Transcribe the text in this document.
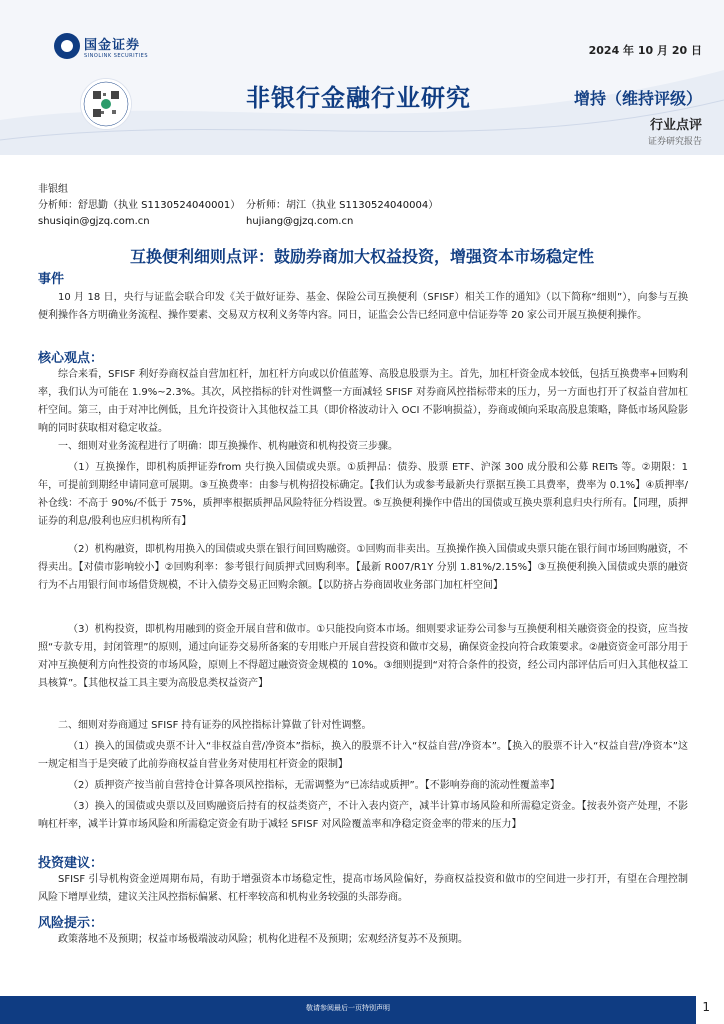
国金证券
SINOLINK SECURITIES	2024 年 10 月 20 日
非银行金融行业研究	增持（维持评级）
行业点评
证券研究报告
非银组
分析师：舒思勤（执业 S1130524040001） 分析师：胡江（执业 S1130524040004）
shusiqin@gjzq.com.cn	hujiang@gjzq.com.cn
互换便利细则点评：鼓励券商加大权益投资，增强资本市场稳定性
事件

10 月 18 日，央行与证监会联合印发《关于做好证券、基金、保险公司互换便利（SFISF）相关工作的通知》（以下简称“细则”），向参与互换便利操作各方明确业务流程、操作要素、交易双方权利义务等内容。同日，证监会公告已经同意中信证券等 20 家公司开展互换便利操作。

核心观点：

综合来看，SFISF 利好券商权益自营加杠杆，加杠杆方向或以价值蓝筹、高股息股票为主。首先，加杠杆资金成本较低，包括互换费率+回购利率，我们认为可能在 1.9%~2.3%。其次，风控指标的针对性调整一方面减轻 SFISF 对券商风控指标带来的压力，另一方面也打开了权益自营加杠杆空间。第三，由于对冲比例低，且允许投资计入其他权益工具（即价格波动计入 OCI 不影响损益），券商或倾向采取高股息策略，降低市场风险影响的同时获取相对稳定收益。

一、细则对业务流程进行了明确：即互换操作、机构融资和机构投资三步骤。

（1）互换操作，即机构质押证券from 央行换入国债或央票。①质押品：债券、股票 ETF、沪深 300 成分股和公募 REITs 等。②期限：1 年，可提前到期经申请同意可展期。③互换费率：由参与机构招投标确定。【我们认为或参考最新央行票据互换工具费率，费率为 0.1%】④质押率/补仓线：不高于 90%/不低于 75%，质押率根据质押品风险特征分档设置。⑤互换便利操作中借出的国债或互换央票利息归央行所有。【同理，质押证券的利息/股利也应归机构所有】

（2）机构融资，即机构用换入的国债或央票在银行间回购融资。①回购而非卖出。互换操作换入国债或央票只能在银行间市场回购融资，不得卖出。【对债市影响较小】②回购利率：参考银行间质押式回购利率。【最新 R007/R1Y 分别 1.81%/2.15%】③互换便利换入国债或央票的融资行为不占用银行间市场借贷规模，不计入债券交易正回购余额。【以防挤占券商固收业务部门加杠杆空间】

（3）机构投资，即机构用融到的资金开展自营和做市。①只能投向资本市场。细则要求证券公司参与互换便利相关融资资金的投资，应当按照“专款专用，封闭管理”的原则，通过向证券交易所备案的专用账户开展自营投资和做市交易，确保资金投向符合政策要求。②融资资金可部分用于对冲互换便利方向性投资的市场风险，原则上不得超过融资资金规模的 10%。③细则提到“对符合条件的投资，经公司内部评估后可归入其他权益工具核算”。【其他权益工具主要为高股息类权益资产】

二、细则对券商通过 SFISF 持有证券的风控指标计算做了针对性调整。

（1）换入的国债或央票不计入“非权益自营/净资本”指标，换入的股票不计入“权益自营/净资本”。【换入的股票不计入“权益自营/净资本”这一规定相当于是突破了此前券商权益自营业务对使用杠杆资金的限制】

（2）质押资产按当前自营持仓计算各项风控指标，无需调整为“已冻结或质押”。【不影响券商的流动性覆盖率】

（3）换入的国债或央票以及回购融资后持有的权益类资产，不计入表内资产，减半计算市场风险和所需稳定资金。【按表外资产处理，不影响杠杆率，减半计算市场风险和所需稳定资金有助于减轻 SFISF 对风险覆盖率和净稳定资金率的带来的压力】

投资建议：

SFISF 引导机构资金逆周期布局，有助于增强资本市场稳定性，提高市场风险偏好，券商权益投资和做市的空间进一步打开，有望在合理控制风险下增厚业绩，建议关注风控指标偏紧、杠杆率较高和机构业务较强的头部券商。

风险提示：

政策落地不及预期；权益市场极端波动风险；机构化进程不及预期；宏观经济复苏不及预期。

敬请参阅最后一页特别声明	1
